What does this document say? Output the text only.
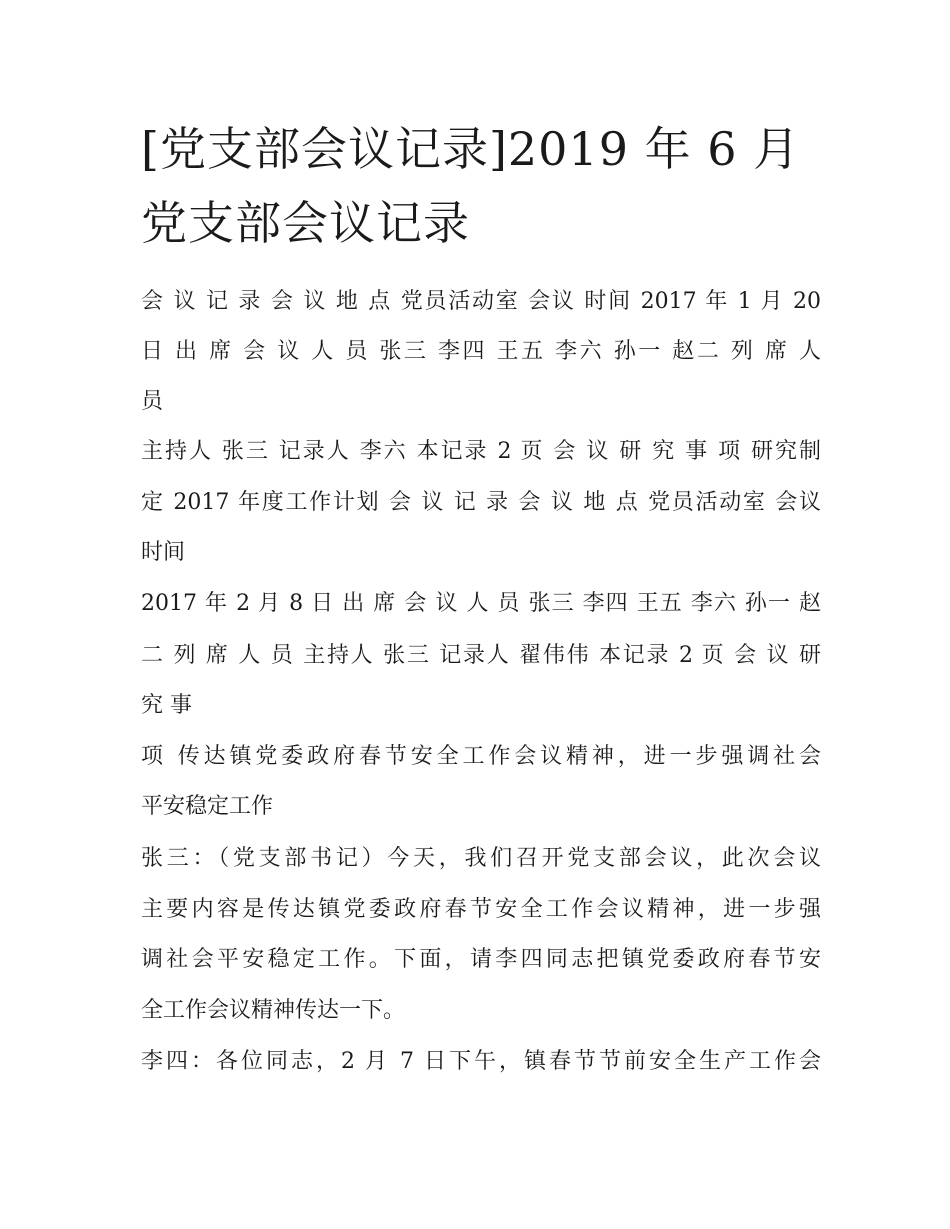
[党支部会议记录]2019 年 6 月
党支部会议记录

会 议 记 录 会 议 地 点 党员活动室 会议 时间 2017 年 1 月 20

日 出 席 会 议 人 员 张三 李四 王五 李六 孙一 赵二 列 席 人

员

主持人 张三 记录人 李六 本记录 2 页 会 议 研 究 事 项 研究制

定 2017 年度工作计划 会 议 记 录 会 议 地 点 党员活动室 会议

时间

2017 年 2 月 8 日 出 席 会 议 人 员 张三 李四 王五 李六 孙一 赵

二 列 席 人 员 主持人 张三 记录人 翟伟伟 本记录 2 页 会 议 研

究 事

项 传达镇党委政府春节安全工作会议精神，进一步强调社会

平安稳定工作

张三：（党支部书记）今天，我们召开党支部会议，此次会议

主要内容是传达镇党委政府春节安全工作会议精神，进一步强

调社会平安稳定工作。下面，请李四同志把镇党委政府春节安

全工作会议精神传达一下。

李四：各位同志，2 月 7 日下午，镇春节节前安全生产工作会
